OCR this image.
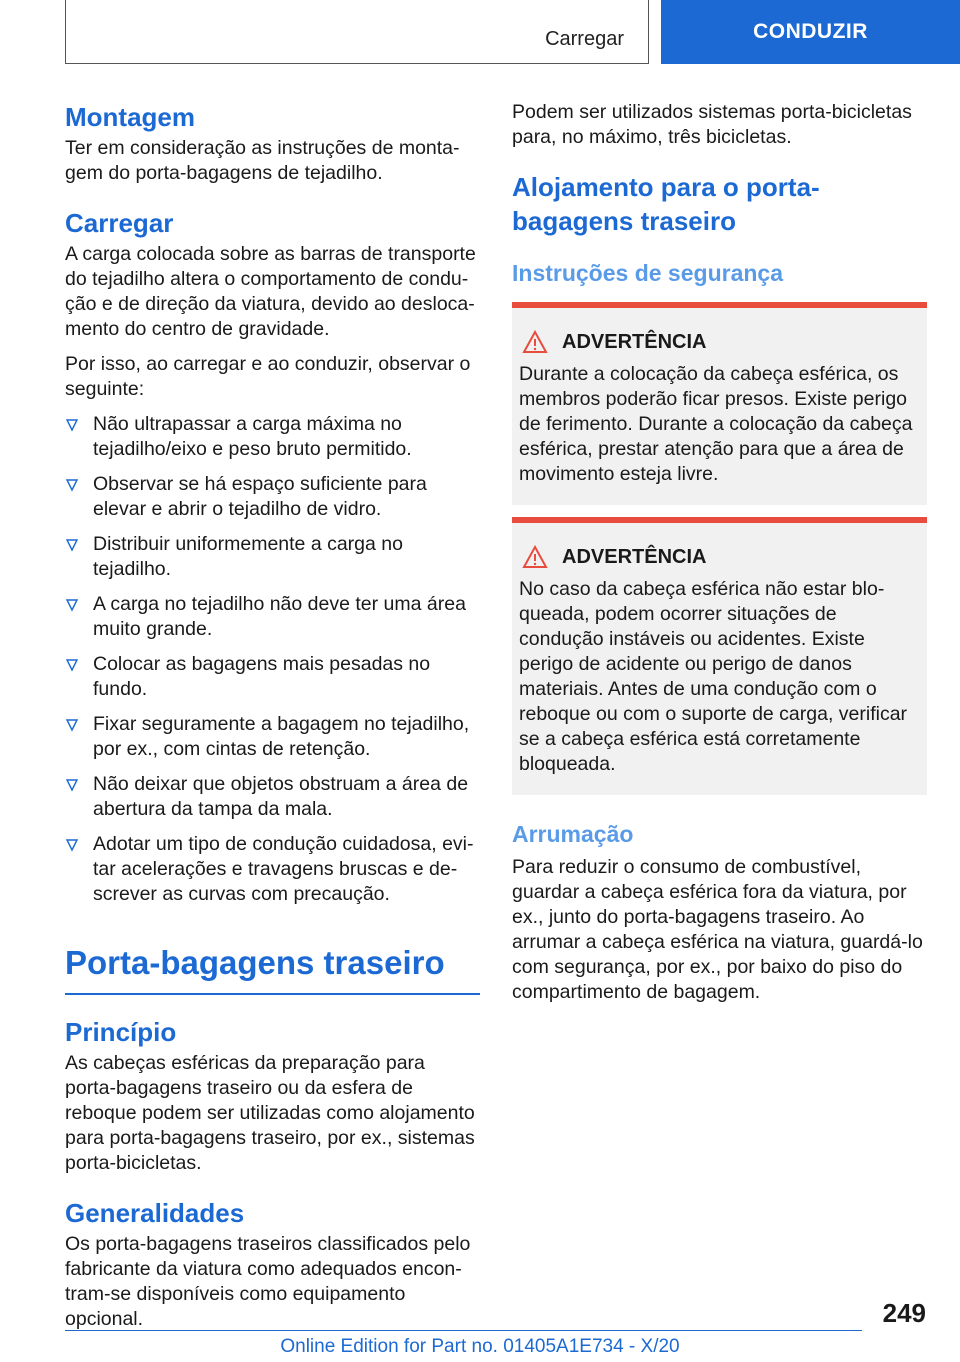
Carregar	CONDUZIR
Montagem

Ter em consideração as instruções de montagem do porta-bagagens de tejadilho.

Carregar

A carga colocada sobre as barras de transporte do tejadilho altera o comportamento de condução e de direção da viatura, devido ao deslocamento do centro de gravidade.

Por isso, ao carregar e ao conduzir, observar o seguinte:

Não ultrapassar a carga máxima no tejadilho/eixo e peso bruto permitido.
Observar se há espaço suficiente para elevar e abrir o tejadilho de vidro.
Distribuir uniformemente a carga no tejadilho.
A carga no tejadilho não deve ter uma área muito grande.
Colocar as bagagens mais pesadas no fundo.
Fixar seguramente a bagagem no tejadilho, por ex., com cintas de retenção.
Não deixar que objetos obstruam a área de abertura da tampa da mala.
Adotar um tipo de condução cuidadosa, evitar acelerações e travagens bruscas e descrever as curvas com precaução.
Porta-bagagens traseiro
Princípio

As cabeças esféricas da preparação para porta-bagagens traseiro ou da esfera de reboque podem ser utilizadas como alojamento para porta-bagagens traseiro, por ex., sistemas porta-bicicletas.

Generalidades

Os porta-bagagens traseiros classificados pelo fabricante da viatura como adequados encontram-se disponíveis como equipamento opcional.

Podem ser utilizados sistemas porta-bicicletas para, no máximo, três bicicletas.

Alojamento para o porta-bagagens traseiro
Instruções de segurança
ADVERTÊNCIA

Durante a colocação da cabeça esférica, os membros poderão ficar presos. Existe perigo de ferimento. Durante a colocação da cabeça esférica, prestar atenção para que a área de movimento esteja livre.

ADVERTÊNCIA

No caso da cabeça esférica não estar bloqueada, podem ocorrer situações de condução instáveis ou acidentes. Existe perigo de acidente ou perigo de danos materiais. Antes de uma condução com o reboque ou com o suporte de carga, verificar se a cabeça esférica está corretamente bloqueada.

Arrumação

Para reduzir o consumo de combustível, guardar a cabeça esférica fora da viatura, por ex., junto do porta-bagagens traseiro. Ao arrumar a cabeça esférica na viatura, guardá-lo com segurança, por ex., por baixo do piso do compartimento de bagagem.

249
Online Edition for Part no. 01405A1E734 - X/20
